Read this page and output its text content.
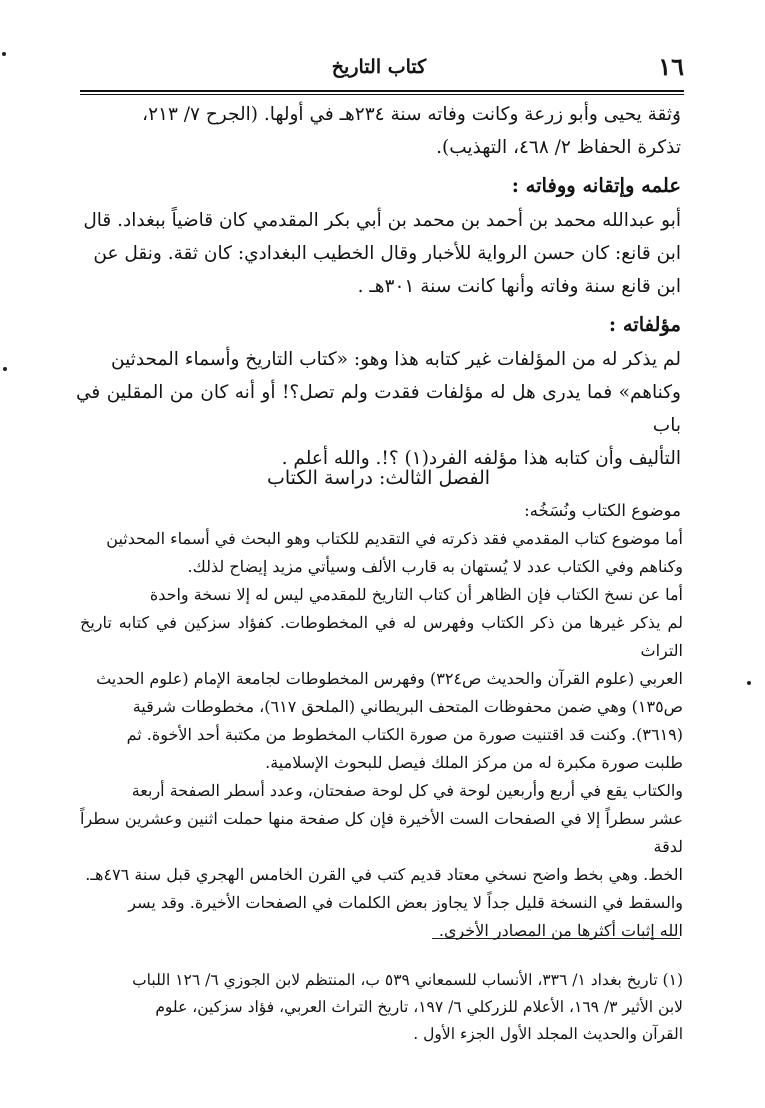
١٦
كتاب التاريخ
وثقة يحيى وأبو زرعة وكانت وفاته سنة ٢٣٤هـ في أولها. (الجرح ٧/ ٢١٣،
تذكرة الحفاظ ٢/ ٤٦٨، التهذيب).
علمه وإتقانه ووفاته :
أبو عبدالله محمد بن أحمد بن محمد بن أبي بكر المقدمي كان قاضياً ببغداد. قال
ابن قانع: كان حسن الرواية للأخبار وقال الخطيب البغدادي: كان ثقة. ونقل عن
ابن قانع سنة وفاته وأنها كانت سنة ٣٠١هـ .
مؤلفاته :
لم يذكر له من المؤلفات غير كتابه هذا وهو: «كتاب التاريخ وأسماء المحدثين
وكناهم» فما يدرى هل له مؤلفات فقدت ولم تصل؟! أو أنه كان من المقلين في باب
التأليف وأن كتابه هذا مؤلفه الفرد(١) ؟!. والله أعلم .
الفصل الثالث: دراسة الكتاب
موضوع الكتاب ونُسَخُه:
أما موضوع كتاب المقدمي فقد ذكرته في التقديم للكتاب وهو البحث في أسماء المحدثين
وكناهم وفي الكتاب عدد لا يُستهان به قارب الألف وسيأتي مزيد إيضاح لذلك.
أما عن نسخ الكتاب فإن الظاهر أن كتاب التاريخ للمقدمي ليس له إلا نسخة واحدة
لم يذكر غيرها من ذكر الكتاب وفهرس له في المخطوطات. كفؤاد سزكين في كتابه تاريخ التراث
العربي (علوم القرآن والحديث ص٣٢٤) وفهرس المخطوطات لجامعة الإمام (علوم الحديث
ص١٣٥) وهي ضمن محفوظات المتحف البريطاني (الملحق ٦١٧)، مخطوطات شرقية
(٣٦١٩). وكنت قد اقتنيت صورة من صورة الكتاب المخطوط من مكتبة أحد الأخوة. ثم
طلبت صورة مكبرة له من مركز الملك فيصل للبحوث الإسلامية.
والكتاب يقع في أربع وأربعين لوحة في كل لوحة صفحتان، وعدد أسطر الصفحة أربعة
عشر سطراً إلا في الصفحات الست الأخيرة فإن كل صفحة منها حملت اثنين وعشرين سطراً لدقة
الخط. وهي بخط واضح نسخي معتاد قديم كتب في القرن الخامس الهجري قبل سنة ٤٧٦هـ.
والسقط في النسخة قليل جداً لا يجاوز بعض الكلمات في الصفحات الأخيرة. وقد يسر
الله إثبات أكثرها من المصادر الأخرى.
(١) تاريخ بغداد ١/ ٣٣٦، الأنساب للسمعاني ٥٣٩ ب، المنتظم لابن الجوزي ٦/ ١٢٦ اللباب
لابن الأثير ٣/ ١٦٩، الأعلام للزركلي ٦/ ١٩٧، تاريخ التراث العربي، فؤاد سزكين، علوم
القرآن والحديث المجلد الأول الجزء الأول .
